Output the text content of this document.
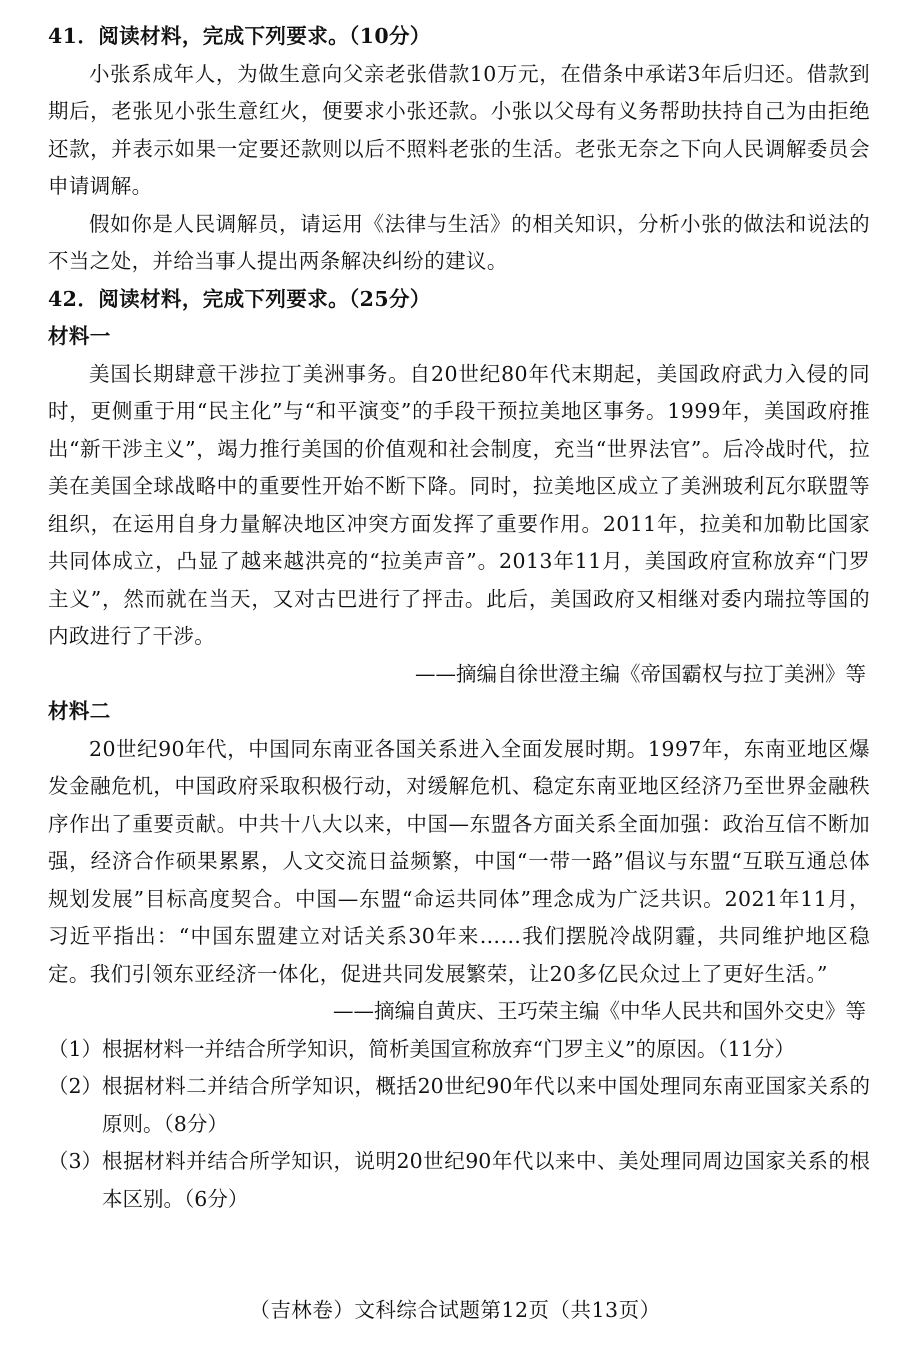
41．阅读材料，完成下列要求。（10分）

小张系成年人，为做生意向父亲老张借款10万元，在借条中承诺3年后归还。借款到期后，老张见小张生意红火，便要求小张还款。小张以父母有义务帮助扶持自己为由拒绝还款，并表示如果一定要还款则以后不照料老张的生活。老张无奈之下向人民调解委员会申请调解。

假如你是人民调解员，请运用《法律与生活》的相关知识，分析小张的做法和说法的不当之处，并给当事人提出两条解决纠纷的建议。

42．阅读材料，完成下列要求。（25分）

材料一

美国长期肆意干涉拉丁美洲事务。自20世纪80年代末期起，美国政府武力入侵的同时，更侧重于用“民主化”与“和平演变”的手段干预拉美地区事务。1999年，美国政府推出“新干涉主义”，竭力推行美国的价值观和社会制度，充当“世界法官”。后冷战时代，拉美在美国全球战略中的重要性开始不断下降。同时，拉美地区成立了美洲玻利瓦尔联盟等组织，在运用自身力量解决地区冲突方面发挥了重要作用。2011年，拉美和加勒比国家共同体成立，凸显了越来越洪亮的“拉美声音”。2013年11月，美国政府宣称放弃“门罗主义”，然而就在当天，又对古巴进行了抨击。此后，美国政府又相继对委内瑞拉等国的内政进行了干涉。

——摘编自徐世澄主编《帝国霸权与拉丁美洲》等

材料二

20世纪90年代，中国同东南亚各国关系进入全面发展时期。1997年，东南亚地区爆发金融危机，中国政府采取积极行动，对缓解危机、稳定东南亚地区经济乃至世界金融秩序作出了重要贡献。中共十八大以来，中国—东盟各方面关系全面加强：政治互信不断加强，经济合作硕果累累，人文交流日益频繁，中国“一带一路”倡议与东盟“互联互通总体规划发展”目标高度契合。中国—东盟“命运共同体”理念成为广泛共识。2021年11月，习近平指出：“中国东盟建立对话关系30年来……我们摆脱冷战阴霾，共同维护地区稳定。我们引领东亚经济一体化，促进共同发展繁荣，让20多亿民众过上了更好生活。”

——摘编自黄庆、王巧荣主编《中华人民共和国外交史》等

（1） 根据材料一并结合所学知识，简析美国宣称放弃“门罗主义”的原因。（11分）
（2） 根据材料二并结合所学知识，概括20世纪90年代以来中国处理同东南亚国家关系的原则。（8分）
（3） 根据材料并结合所学知识，说明20世纪90年代以来中、美处理同周边国家关系的根本区别。（6分）
（吉林卷）文科综合试题第12页（共13页）
